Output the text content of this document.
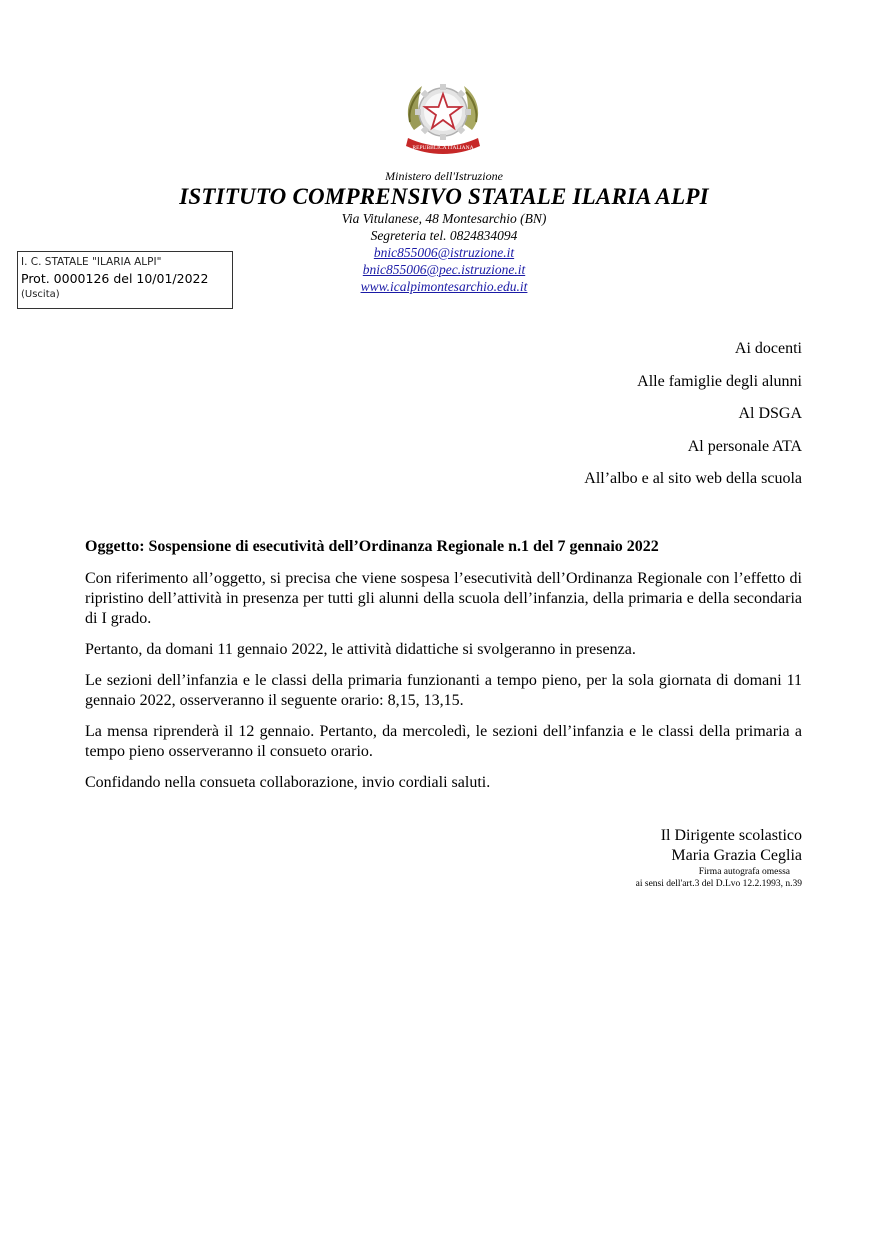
REPUBBLICA ITALIANA
Ministero dell'Istruzione
ISTITUTO COMPRENSIVO STATALE ILARIA ALPI
Via Vitulanese, 48 Montesarchio (BN)
Segreteria tel. 0824834094
bnic855006@istruzione.it
bnic855006@pec.istruzione.it
www.icalpimontesarchio.edu.it
I. C. STATALE "ILARIA ALPI"
Prot. 0000126 del 10/01/2022
(Uscita)
Ai docenti
Alle famiglie degli alunni
Al DSGA
Al personale ATA
All’albo e al sito web della scuola
Oggetto: Sospensione di esecutività dell’Ordinanza Regionale n.1 del 7 gennaio 2022

Con riferimento all’oggetto, si precisa che viene sospesa l’esecutività dell’Ordinanza Regionale con l’effetto di ripristino dell’attività in presenza per tutti gli alunni della scuola dell’infanzia, della primaria e della secondaria di I grado.

Pertanto, da domani 11 gennaio 2022, le attività didattiche si svolgeranno in presenza.

Le sezioni dell’infanzia e le classi della primaria funzionanti a tempo pieno, per la sola giornata di domani 11 gennaio 2022, osserveranno il seguente orario: 8,15, 13,15.

La mensa riprenderà il 12 gennaio. Pertanto, da mercoledì, le sezioni dell’infanzia e le classi della primaria a tempo pieno osserveranno il consueto orario.

Confidando nella consueta collaborazione, invio cordiali saluti.

Il Dirigente scolastico
Maria Grazia Ceglia
Firma autografa omessa
ai sensi dell'art.3 del D.Lvo 12.2.1993, n.39
